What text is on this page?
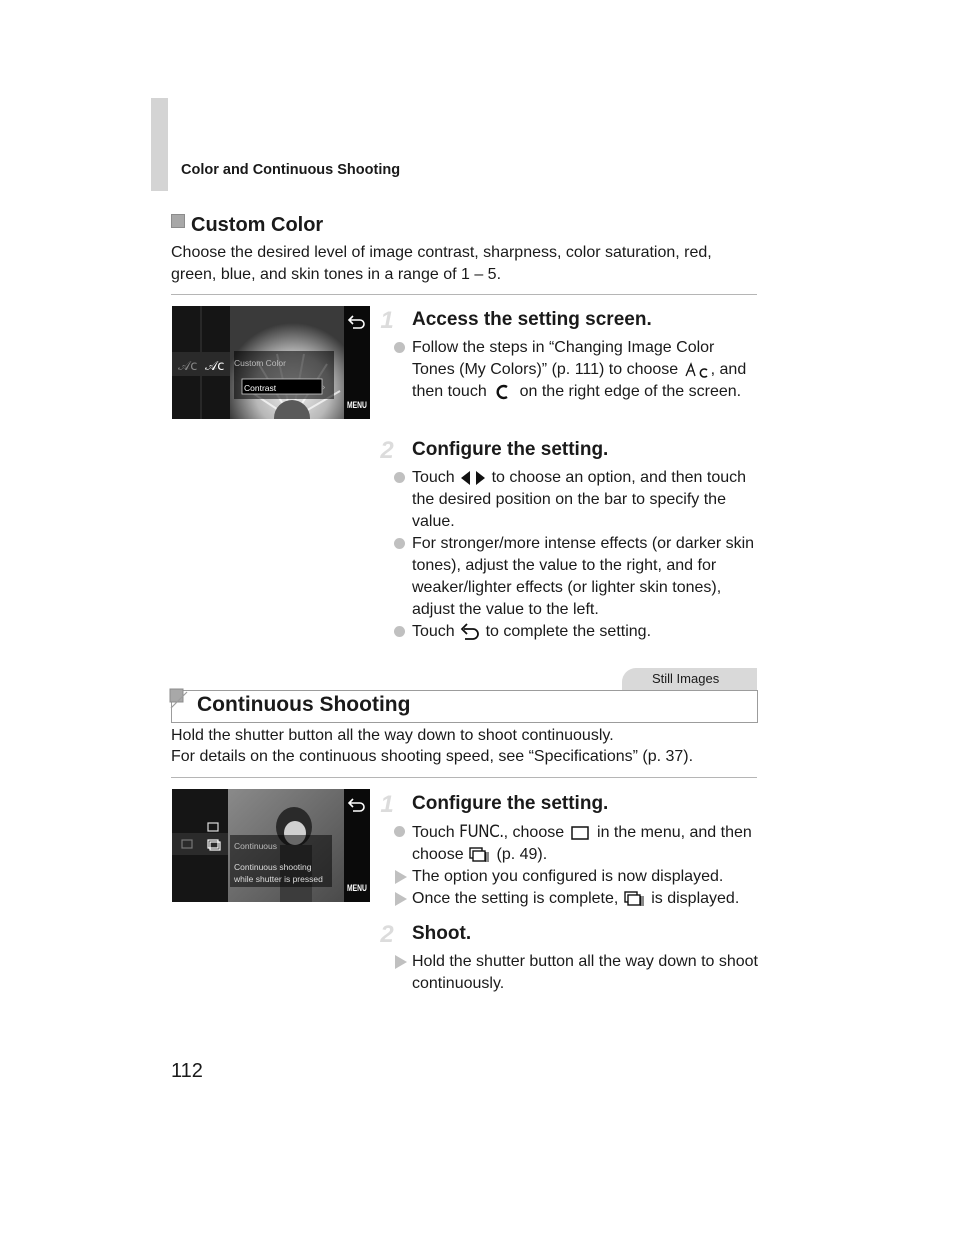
Color and Continuous Shooting
Custom Color
Choose the desired level of image contrast, sharpness, color saturation, red, green, blue, and skin tones in a range of 1 – 5.
𝒜c 𝒜c
›
Custom Color
Contrast
MENU
1 Access the setting screen.
Follow the steps in “Changing Image Color Tones (My Colors)” (p. 111) to choose , and then touch  on the right edge of the screen.
2 Configure the setting.
Touch  to choose an option, and then touch the desired position on the bar to specify the value.
For stronger/more intense effects (or darker skin tones), adjust the value to the right, and for weaker/lighter effects (or lighter skin tones), adjust the value to the left.
Touch  to complete the setting.
Still Images
Continuous Shooting
Hold the shutter button all the way down to shoot continuously.
For details on the continuous shooting speed, see “Specifications” (p. 37).
Continuous
Continuous shooting
while shutter is pressed
MENU
1 Configure the setting.
Touch FUNC., choose  in the menu, and then choose  (p. 49).
The option you configured is now displayed.
Once the setting is complete,  is displayed.
2 Shoot.
Hold the shutter button all the way down to shoot continuously.
112
